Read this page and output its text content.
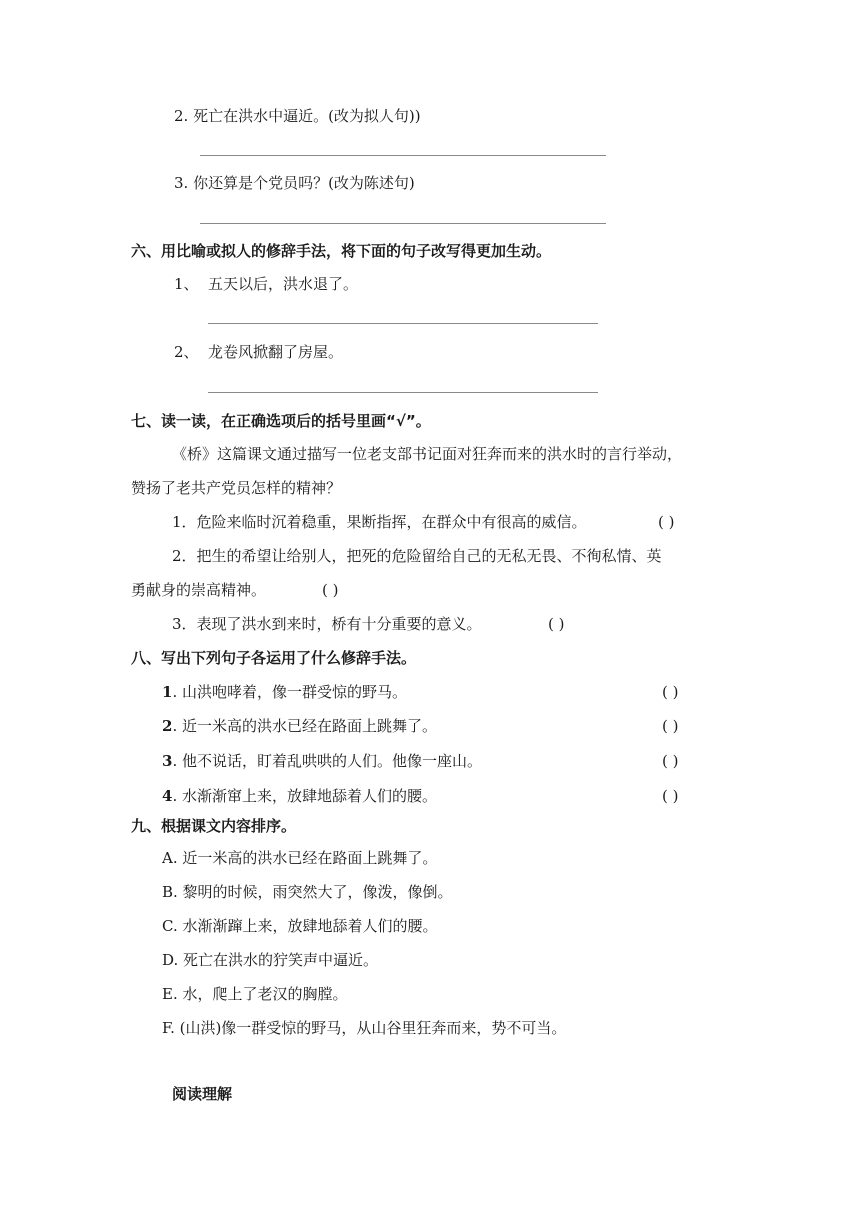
2. 死亡在洪水中逼近。(改为拟人句))
3. 你还算是个党员吗？(改为陈述句)
六、用比喻或拟人的修辞手法，将下面的句子改写得更加生动。
1、 五天以后，洪水退了。
2、 龙卷风掀翻了房屋。
七、读一读，在正确选项后的括号里画“√”。
《桥》这篇课文通过描写一位老支部书记面对狂奔而来的洪水时的言行举动，
赞扬了老共产党员怎样的精神？
1．危险来临时沉着稳重，果断指挥，在群众中有很高的威信。	( )
2．把生的希望让给别人，把死的危险留给自己的无私无畏、不徇私情、英
勇献身的崇高精神。	( )
3．表现了洪水到来时，桥有十分重要的意义。	( )
八、写出下列句子各运用了什么修辞手法。
1. 山洪咆哮着，像一群受惊的野马。	( )
2. 近一米高的洪水已经在路面上跳舞了。	( )
3. 他不说话，盯着乱哄哄的人们。他像一座山。	( )
4. 水渐渐窜上来，放肆地舔着人们的腰。	( )
九、根据课文内容排序。
A. 近一米高的洪水已经在路面上跳舞了。
B. 黎明的时候，雨突然大了，像泼，像倒。
C. 水渐渐蹿上来，放肆地舔着人们的腰。
D. 死亡在洪水的狞笑声中逼近。
E. 水，爬上了老汉的胸膛。
F. (山洪)像一群受惊的野马，从山谷里狂奔而来，势不可当。
阅读理解
